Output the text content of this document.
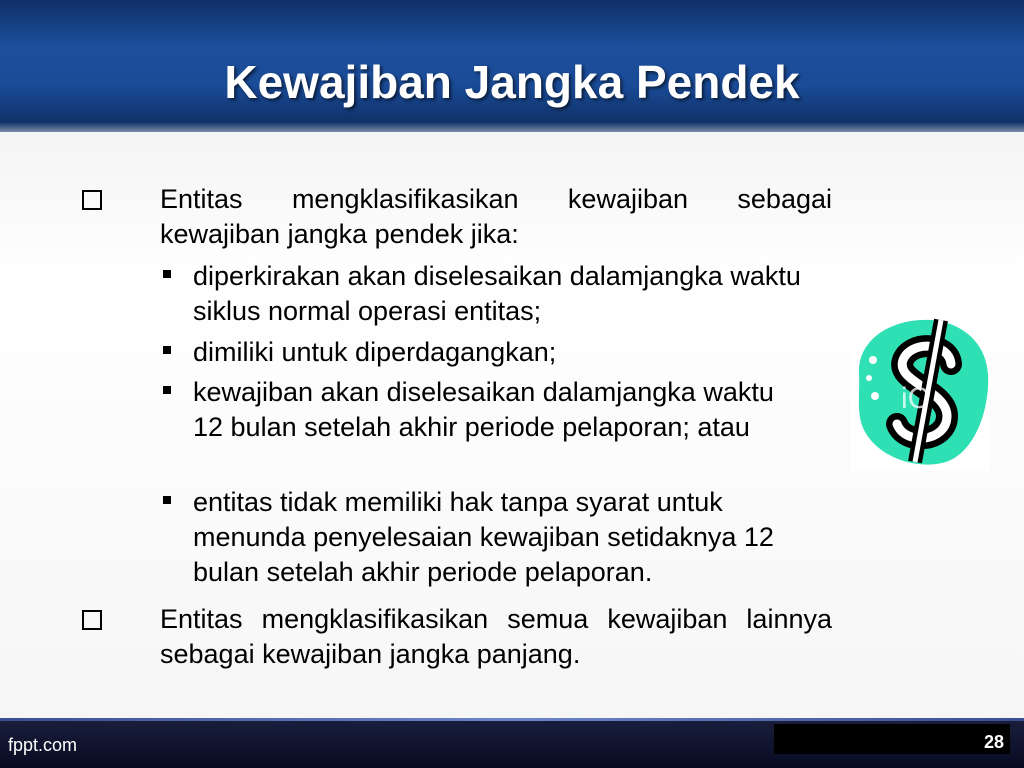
Kewajiban Jangka Pendek
Entitas mengklasifikasikan kewajiban sebagai kewajiban jangka pendek jika:
diperkirakan akan diselesaikan dalamjangka waktu siklus normal operasi entitas;
dimiliki untuk diperdagangkan;
kewajiban akan diselesaikan dalamjangka waktu 12 bulan setelah akhir periode pelaporan; atau
entitas tidak memiliki hak tanpa syarat untuk menunda penyelesaian kewajiban setidaknya 12 bulan setelah akhir periode pelaporan.
Entitas mengklasifikasikan semua kewajiban lainnya sebagai kewajiban jangka panjang.
iC
fppt.com	28
